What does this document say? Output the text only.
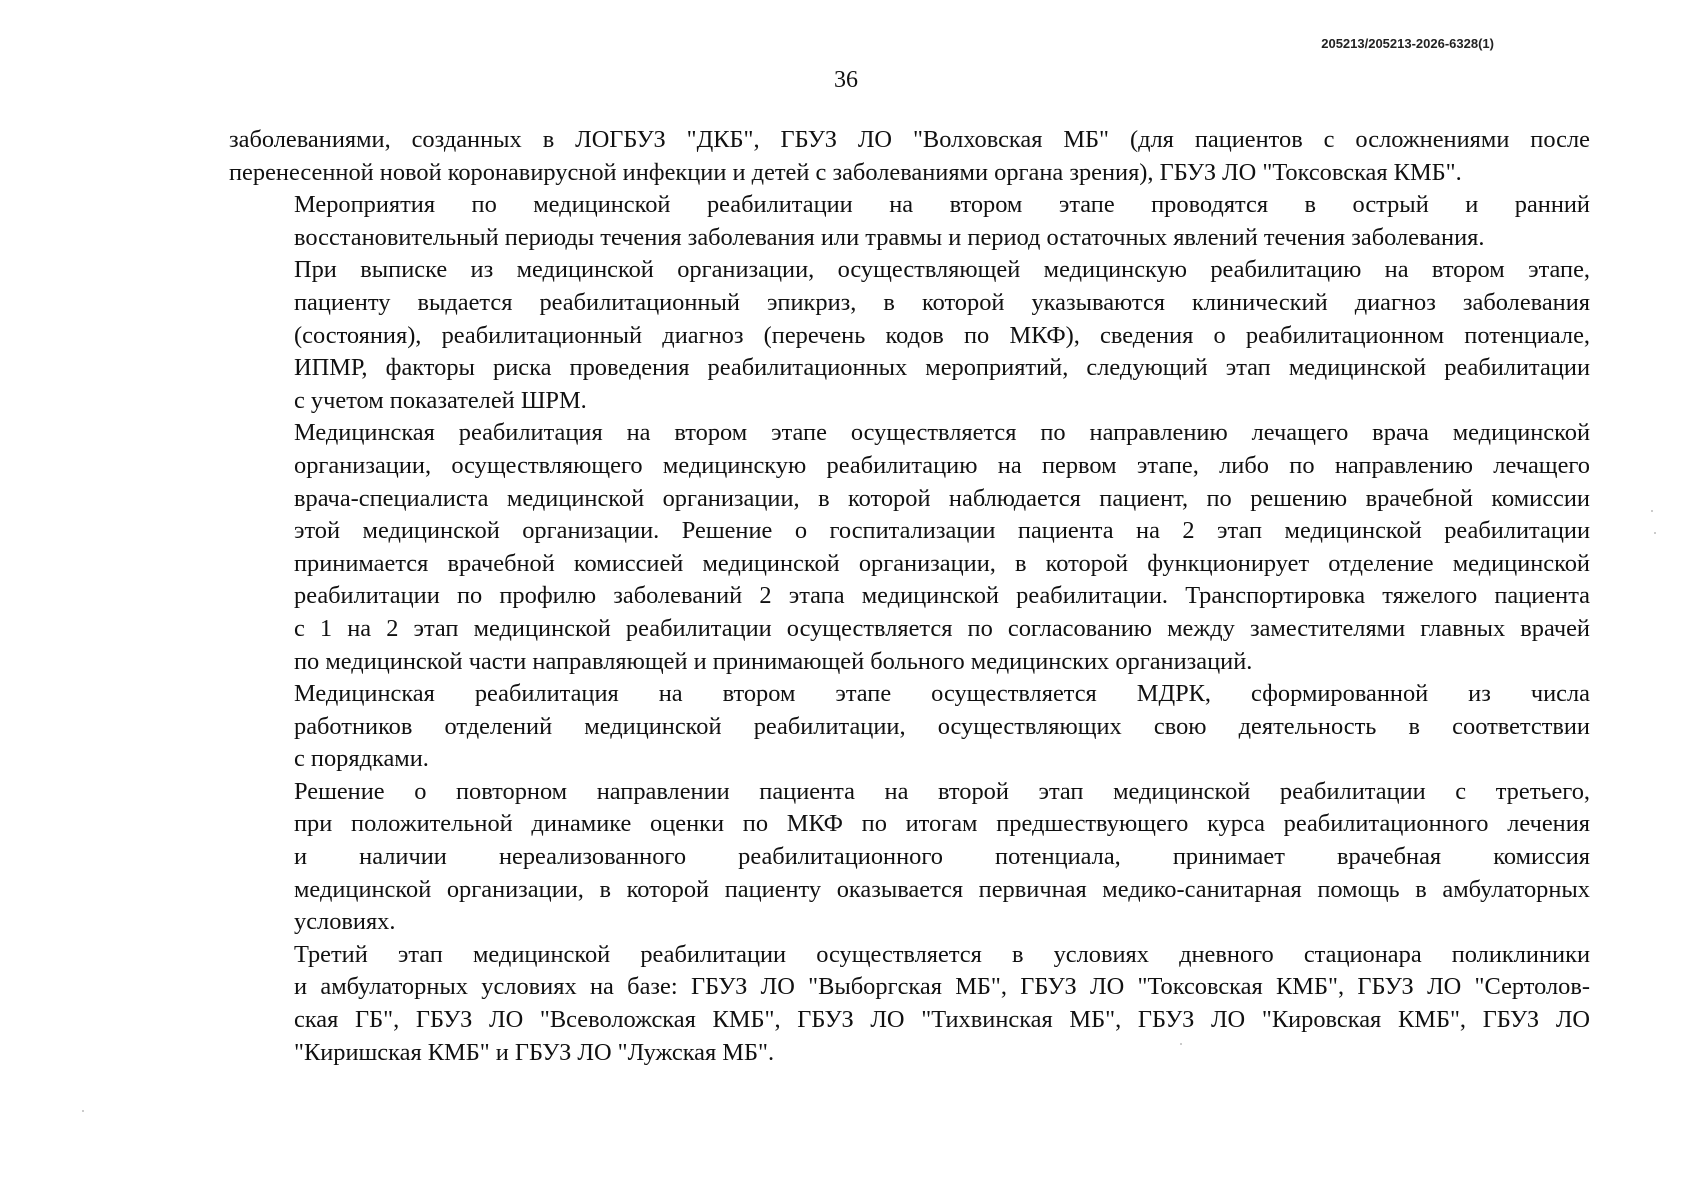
205213/205213-2026-6328(1)
36

заболеваниями, созданных в ЛОГБУЗ "ДКБ", ГБУЗ ЛО "Волховская МБ" (для пациентов с осложнениями после
перенесенной новой коронавирусной инфекции и детей с заболеваниями органа зрения), ГБУЗ ЛО "Токсовская КМБ".

Мероприятия по медицинской реабилитации на втором этапе проводятся в острый и ранний
восстановительный периоды течения заболевания или травмы и период остаточных явлений течения заболевания.

При выписке из медицинской организации, осуществляющей медицинскую реабилитацию на втором этапе,
пациенту выдается реабилитационный эпикриз, в которой указываются клинический диагноз заболевания
(состояния), реабилитационный диагноз (перечень кодов по МКФ), сведения о реабилитационном потенциале,
ИПМР, факторы риска проведения реабилитационных мероприятий, следующий этап медицинской реабилитации
с учетом показателей ШРМ.

Медицинская реабилитация на втором этапе осуществляется по направлению лечащего врача медицинской
организации, осуществляющего медицинскую реабилитацию на первом этапе, либо по направлению лечащего
врача-специалиста медицинской организации, в которой наблюдается пациент, по решению врачебной комиссии
этой медицинской организации. Решение о госпитализации пациента на 2 этап медицинской реабилитации
принимается врачебной комиссией медицинской организации, в которой функционирует отделение медицинской
реабилитации по профилю заболеваний 2 этапа медицинской реабилитации. Транспортировка тяжелого пациента
с 1 на 2 этап медицинской реабилитации осуществляется по согласованию между заместителями главных врачей
по медицинской части направляющей и принимающей больного медицинских организаций.

Медицинская реабилитация на втором этапе осуществляется МДРК, сформированной из числа
работников отделений медицинской реабилитации, осуществляющих свою деятельность в соответствии
с порядками.

Решение о повторном направлении пациента на второй этап медицинской реабилитации с третьего,
при положительной динамике оценки по МКФ по итогам предшествующего курса реабилитационного лечения
и наличии нереализованного реабилитационного потенциала, принимает врачебная комиссия
медицинской организации, в которой пациенту оказывается первичная медико-санитарная помощь в амбулаторных
условиях.

Третий этап медицинской реабилитации осуществляется в условиях дневного стационара поликлиники
и амбулаторных условиях на базе: ГБУЗ ЛО "Выборгская МБ", ГБУЗ ЛО "Токсовская КМБ", ГБУЗ ЛО "Сертолов-
ская ГБ", ГБУЗ ЛО "Всеволожская КМБ", ГБУЗ ЛО "Тихвинская МБ", ГБУЗ ЛО "Кировская КМБ", ГБУЗ ЛО
"Киришская КМБ" и ГБУЗ ЛО "Лужская МБ".
